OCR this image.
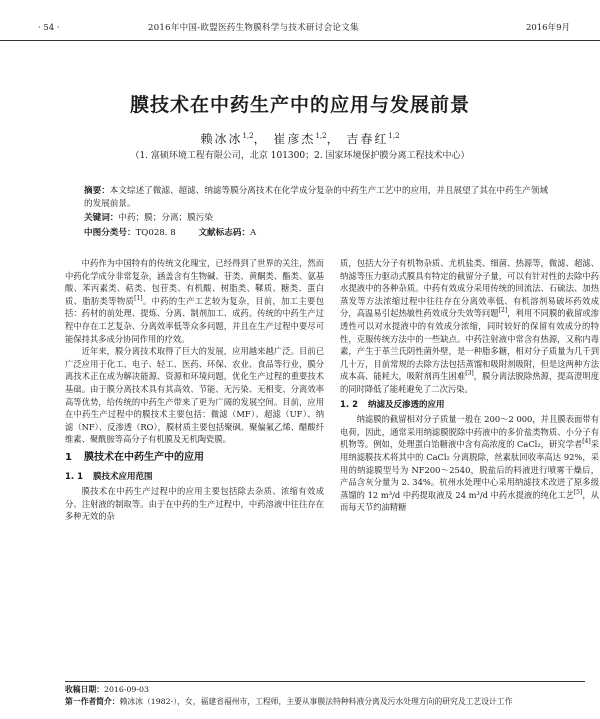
· 54 ·	2016年中国-欧盟医药生物膜科学与技术研讨会论文集	2016年9月
膜技术在中药生产中的应用与发展前景
赖冰冰$^{1,2}$， 崔彦杰$^{1,2}$， 吉春红$^{1,2}$
（1. 富硕环境工程有限公司，北京 101300；2. 国家环境保护膜分离工程技术中心）
摘要：本文综述了微滤、超滤、纳滤等膜分离技术在化学成分复杂的中药生产工艺中的应用，并且展望了其在中药生产领域的发展前景。
关键词：中药；膜；分离；膜污染
中图分类号：TQ028. 8	文献标志码：A

中药作为中国特有的传统文化瑰宝，已经得到了世界的关注，然而中药化学成分非常复杂，涵盖含有生物碱、苷类、黄酮类、酯类、氨基酸、苯丙素类、萜类、包苷类、有机酸、树脂类、鞣质、糖类、蛋白质、脂肪类等物质[1]。中药的生产工艺较为复杂，目前，加工主要包括：药材的前处理、提炼、分离、制剂加工、成药。传统的中药生产过程中存在工艺复杂、分离效率低等众多问题，并且在生产过程中要尽可能保持其多成分协同作用的疗效。

近年来，膜分离技术取得了巨大的发展，应用越来越广泛。目前已广泛应用于化工、电子、轻工、医药、环保、农业、食品等行业，膜分离技术正在成为解决能源、资源和环境问题，优化生产过程的重要技术基础。由于膜分离技术具有其高效、节能、无污染、无相变、分离效率高等优势，给传统的中药生产带来了更为广阔的发展空间。目前，应用在中药生产过程中的膜技术主要包括：微滤（MF）、超滤（UF）、纳滤（NF）、反渗透（RO），膜材质主要包括聚砜、聚偏氟乙烯、醋酸纤维素、聚酰胺等高分子有机膜及无机陶瓷膜。

1 膜技术在中药生产中的应用
1. 1 膜技术应用范围

膜技术在中药生产过程中的应用主要包括除去杂质、浓缩有效成分、注射液的制取等。由于在中药的生产过程中，中药溶液中往往存在多种无效的杂

质，包括大分子有机物杂质、尤机盐类、细菌、热源等，微滤、超滤、纳滤等压力驱动式膜具有特定的截留分子量，可以有针对性的去除中药水提液中的各种杂质。中药有效成分采用传统的回流法、石硫法、加热蒸发等方法浓缩过程中往往存在分离效率低、有机溶剂易破坏药效成分，高温易引起热敏性药效成分失效等问题[2]，利用不同膜的截留或渗透性可以对水提液中的有效成分浓缩，同时较好的保留有效成分的特性，克服传统方法中的一些缺点。中药注射液中常含有热源，又称内毒素，产生于革兰氏阴性菌外壁，是一种脂多糖，相对分子质量为几千到几十万，目前常规的去除方法包括蒸馏和吸附剂吸附，但是这两种方法成本高、能耗大，吸附剂再生困难[3]，膜分离法脱除热源，提高澄明度的同时降低了能耗避免了二次污染。

1. 2 纳滤及反渗透的应用

纳滤膜的截留相对分子质量一般在 200～2 000，并且膜表面带有电荷，因此，通常采用纳滤膜脱除中药液中的多价盐类物质、小分子有机物等。例如，处理蛋白饴糖液中含有高浓度的 CaCl₂，研究学者[4]采用纳滤膜技术将其中的 CaCl₂ 分离脱除，丝素肽回收率高达 92%，采用的纳滤膜型号为 NF200～2540，脱盐后的料液进行喷雾干燥后，产品含灰分量为 2. 34%。杭州水处理中心采用纳滤技术改进了原多级蒸馏的 12 m³/d 中药提取液及 24 m³/d 中药水提液的纯化工艺[5]，从而每天节约油精糖

收稿日期：2016-09-03
第一作者简介：赖冰冰（1982-），女，福建省福州市，工程师，主要从事膜法特种料液分离及污水处理方向的研究及工艺设计工作
